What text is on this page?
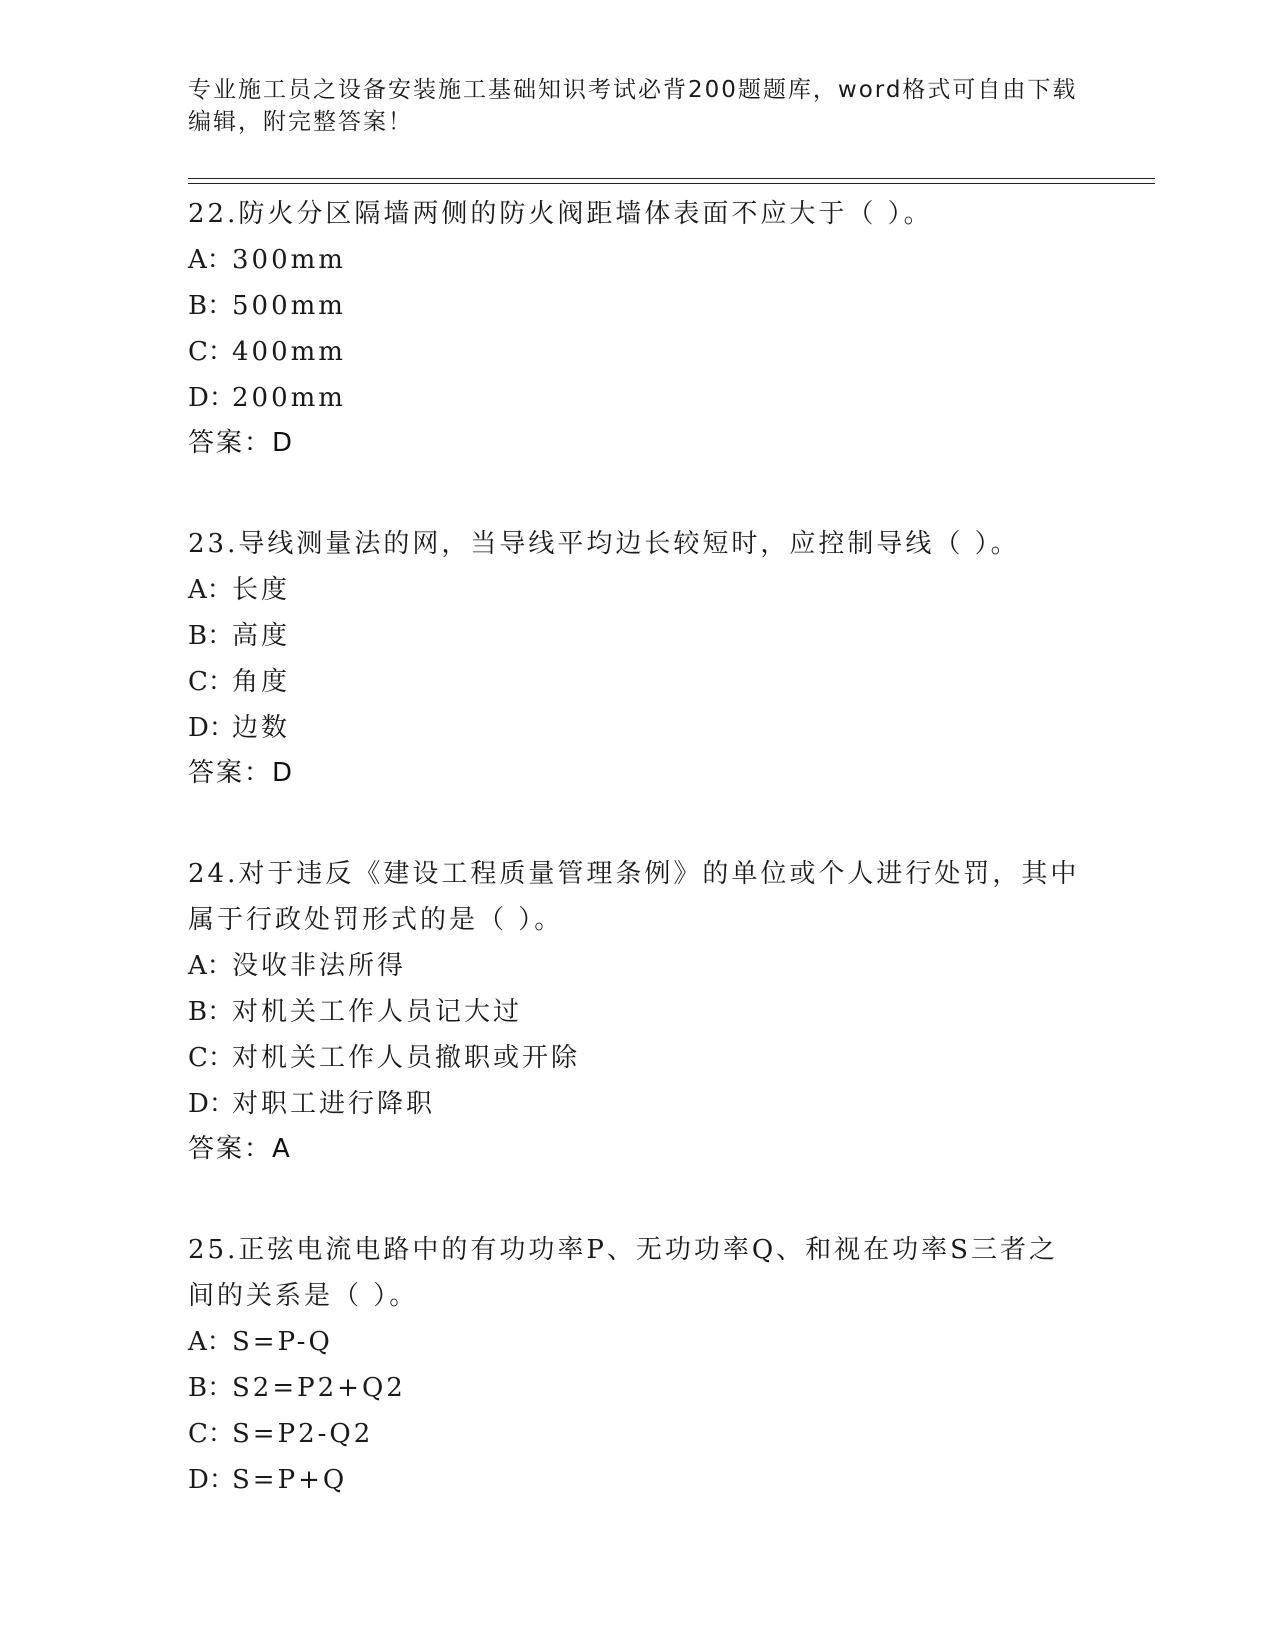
专业施工员之设备安装施工基础知识考试必背200题题库，word格式可自由下载
编辑，附完整答案！

22.防火分区隔墙两侧的防火阀距墙体表面不应大于（ ）。

A：300mm

B：500mm

C：400mm

D：200mm

答案：D

23.导线测量法的网，当导线平均边长较短时，应控制导线（ ）。

A：长度

B：高度

C：角度

D：边数

答案：D

24.对于违反《建设工程质量管理条例》的单位或个人进行处罚，其中

属于行政处罚形式的是（ ）。

A：没收非法所得

B：对机关工作人员记大过

C：对机关工作人员撤职或开除

D：对职工进行降职

答案：A

25.正弦电流电路中的有功功率P、无功功率Q、和视在功率S三者之

间的关系是（ ）。

A：S=P-Q

B：S2=P2+Q2

C：S=P2-Q2

D：S=P+Q
